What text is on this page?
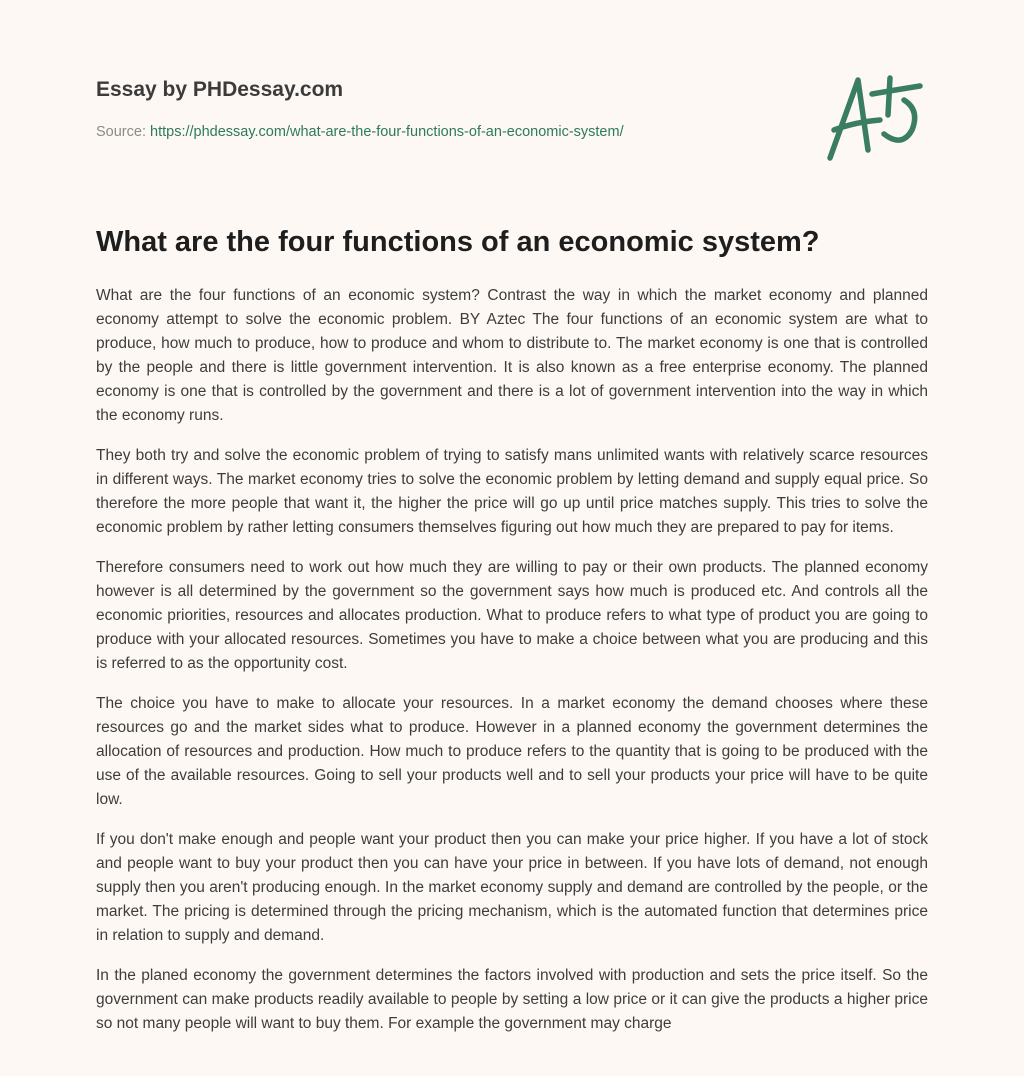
Essay by PHDessay.com

Source: https://phdessay.com/what-are-the-four-functions-of-an-economic-system/
What are the four functions of an economic system?

What are the four functions of an economic system? Contrast the way in which the market economy and planned economy attempt to solve the economic problem. BY Aztec The four functions of an economic system are what to produce, how much to produce, how to produce and whom to distribute to. The market economy is one that is controlled by the people and there is little government intervention. It is also known as a free enterprise economy. The planned economy is one that is controlled by the government and there is a lot of government intervention into the way in which the economy runs.

They both try and solve the economic problem of trying to satisfy mans unlimited wants with relatively scarce resources in different ways. The market economy tries to solve the economic problem by letting demand and supply equal price. So therefore the more people that want it, the higher the price will go up until price matches supply. This tries to solve the economic problem by rather letting consumers themselves figuring out how much they are prepared to pay for items.

Therefore consumers need to work out how much they are willing to pay or their own products. The planned economy however is all determined by the government so the government says how much is produced etc. And controls all the economic priorities, resources and allocates production. What to produce refers to what type of product you are going to produce with your allocated resources. Sometimes you have to make a choice between what you are producing and this is referred to as the opportunity cost.

The choice you have to make to allocate your resources. In a market economy the demand chooses where these resources go and the market sides what to produce. However in a planned economy the government determines the allocation of resources and production. How much to produce refers to the quantity that is going to be produced with the use of the available resources. Going to sell your products well and to sell your products your price will have to be quite low.

If you don't make enough and people want your product then you can make your price higher. If you have a lot of stock and people want to buy your product then you can have your price in between. If you have lots of demand, not enough supply then you aren't producing enough. In the market economy supply and demand are controlled by the people, or the market. The pricing is determined through the pricing mechanism, which is the automated function that determines price in relation to supply and demand.

In the planed economy the government determines the factors involved with production and sets the price itself. So the government can make products readily available to people by setting a low price or it can give the products a higher price so not many people will want to buy them. For example the government may charge
